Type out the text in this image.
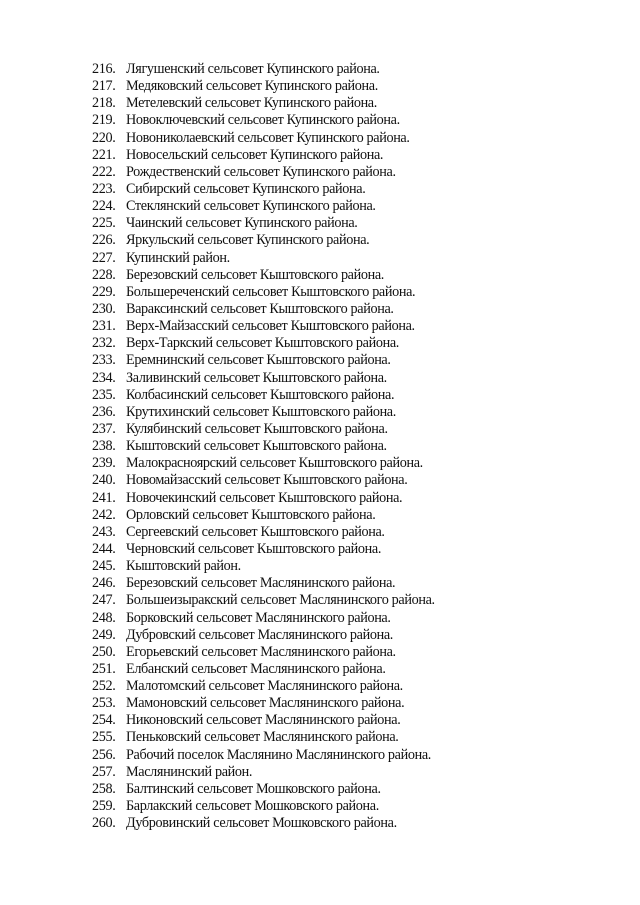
216. Лягушенский сельсовет Купинского района.
217. Медяковский сельсовет Купинского района.
218. Метелевский сельсовет Купинского района.
219. Новоключевский сельсовет Купинского района.
220. Новониколаевский сельсовет Купинского района.
221. Новосельский сельсовет Купинского района.
222. Рождественский сельсовет Купинского района.
223. Сибирский сельсовет Купинского района.
224. Стеклянский сельсовет Купинского района.
225. Чаинский сельсовет Купинского района.
226. Яркульский сельсовет Купинского района.
227. Купинский район.
228. Березовский сельсовет Кыштовского района.
229. Большереченский сельсовет Кыштовского района.
230. Вараксинский сельсовет Кыштовского района.
231. Верх-Майзасский сельсовет Кыштовского района.
232. Верх-Таркский сельсовет Кыштовского района.
233. Еремнинский сельсовет Кыштовского района.
234. Заливинский сельсовет Кыштовского района.
235. Колбасинский сельсовет Кыштовского района.
236. Крутихинский сельсовет Кыштовского района.
237. Кулябинский сельсовет Кыштовского района.
238. Кыштовский сельсовет Кыштовского района.
239. Малокрасноярский сельсовет Кыштовского района.
240. Новомайзасский сельсовет Кыштовского района.
241. Новочекинский сельсовет Кыштовского района.
242. Орловский сельсовет Кыштовского района.
243. Сергеевский сельсовет Кыштовского района.
244. Черновский сельсовет Кыштовского района.
245. Кыштовский район.
246. Березовский сельсовет Маслянинского района.
247. Большеизыракский сельсовет Маслянинского района.
248. Борковский сельсовет Маслянинского района.
249. Дубровский сельсовет Маслянинского района.
250. Егорьевский сельсовет Маслянинского района.
251. Елбанский сельсовет Маслянинского района.
252. Малотомский сельсовет Маслянинского района.
253. Мамоновский сельсовет Маслянинского района.
254. Никоновский сельсовет Маслянинского района.
255. Пеньковский сельсовет Маслянинского района.
256. Рабочий поселок Маслянино Маслянинского района.
257. Маслянинский район.
258. Балтинский сельсовет Мошковского района.
259. Барлакский сельсовет Мошковского района.
260. Дубровинский сельсовет Мошковского района.
